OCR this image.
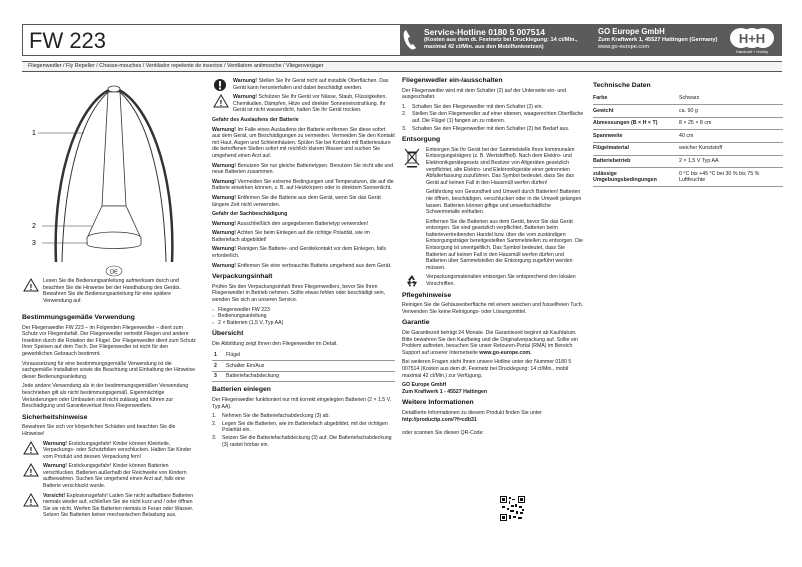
FW 223	Service-Hotline 0180 5 007514
(Kosten aus dem dt. Festnetz bei Drucklegung: 14 ct/Min.,
maximal 42 ct/Min. aus den Mobilfunknetzen)
GO Europe GmbH
Zum Kraftwerk 1, 45527 Hattingen (Germany)
www.go-europe.com
H+H
Haushalt + Hobby
Fliegenwedler / Fly Repeller / Chasse-mouches / Ventilador repelente de insectos / Ventilatore antimosche / Vliegenverjager
1
2
3
DE
!
Lesen Sie die Bedienungsanleitung aufmerksam durch und beachten Sie die Hinweise bei der Handhabung des Geräts. Bewahren Sie die Bedienungsanleitung für eine spätere Verwendung auf.
Bestimmungsgemäße Verwendung

Der Fliegenwedler FW 223 – im Folgenden Fliegenwedler – dient zum Schutz vor Fliegenbefall. Der Fliegenwedler vertreibt Fliegen und andere Insekten durch die Rotation der Flügel. Der Fliegenwedler dient zum Schutz Ihrer Speisen auf dem Tisch. Der Fliegenwedler ist nicht für den gewerblichen Gebrauch bestimmt.

Voraussetzung für eine bestimmungsgemäße Verwendung ist die sachgemäße Installation sowie die Beachtung und Einhaltung der Hinweise dieser Bedienungsanleitung.

Jede andere Verwendung als in der bestimmungsgemäßen Verwendung beschrieben gilt als nicht bestimmungsgemäß. Eigenmächtige Veränderungen oder Umbauten sind nicht zulässig und führen zur Beschädigung und Garantieverlust Ihres Fliegenwedlers.

Sicherheitshinweise

Bewahren Sie sich vor körperlichen Schäden und beachten Sie die Hinweise!

!
Warnung! Erstickungsgefahr! Kinder können Kleinteile, Verpackungs- oder Schutzfolien verschlucken. Halten Sie Kinder vom Produkt und dessen Verpackung fern!
!
Warnung! Erstickungsgefahr! Kinder können Batterien verschlucken. Batterien außerhalb der Reichweite von Kindern aufbewahren. Suchen Sie umgehend einen Arzt auf, falls eine Batterie verschluckt wurde.
!
Vorsicht! Explosionsgefahr! Laden Sie nicht aufladbare Batterien niemals wieder auf, schließen Sie sie nicht kurz und / oder öffnen Sie sie nicht. Werfen Sie Batterien niemals in Feuer oder Wasser. Setzen Sie Batterien keiner mechanischen Belastung aus.
Warnung! Stellen Sie Ihr Gerät nicht auf instabile Oberflächen. Das Gerät kann herunterfallen und dabei beschädigt werden.
!
Warnung! Schützen Sie Ihr Gerät vor Nässe, Staub, Flüssigkeiten, Chemikalien, Dämpfen, Hitze und direkter Sonneneinstrahlung. Ihr Gerät ist nicht wasserdicht, halten Sie Ihr Gerät trocken.

Gefahr des Auslaufens der Batterie

Warnung! Im Falle eines Auslaufens der Batterie entfernen Sie diese sofort aus dem Gerät, um Beschädigungen zu vermeiden. Vermeiden Sie den Kontakt mit Haut, Augen und Schleimhäuten. Spülen Sie bei Kontakt mit Batteriesäure die betroffenen Stellen sofort mit reichlich klarem Wasser und suchen Sie umgehend einen Arzt auf.

Warnung! Benutzen Sie nur gleiche Batterietypen. Benutzen Sie nicht alte und neue Batterien zusammen.

Warnung! Vermeiden Sie extreme Bedingungen und Temperaturen, die auf die Batterie einwirken können, z. B. auf Heizkörpern oder in direktem Sonnenlicht.

Warnung! Entfernen Sie die Batterie aus dem Gerät, wenn Sie das Gerät längere Zeit nicht verwenden.

Gefahr der Sachbeschädigung

Warnung! Ausschließlich den angegebenen Batterietyp verwenden!

Warnung! Achten Sie beim Einlegen auf die richtige Polarität, wie im Batteriefach abgebildet!

Warnung! Reinigen Sie Batterie- und Gerätekontakt vor dem Einlegen, falls erforderlich.

Warnung! Entfernen Sie eine verbrauchte Batterie umgehend aus dem Gerät.

Verpackungsinhalt

Prüfen Sie den Verpackungsinhalt Ihres Fliegenwedlers, bevor Sie Ihren Fliegenwedler in Betrieb nehmen. Sollte etwas fehlen oder beschädigt sein, wenden Sie sich an unseren Service.

○ Fliegenwedler FW 223
○ Bedienungsanleitung
○ 2 × Batterien (1,5 V, Typ AA)
Übersicht

Die Abbildung zeigt Ihnen den Fliegenwedler im Detail.

1	Flügel
2	Schalter Ein/Aus
3	Batteriefachabdeckung
Batterien einlegen

Der Fliegenwedler funktioniert nur mit korrekt eingelegten Batterien (2 × 1,5 V, Typ AA).

1. Nehmen Sie die Batteriefachabdeckung (3) ab.
2. Legen Sie die Batterien, wie im Batteriefach abgebildet, mit der richtigen Polarität ein.
3. Setzen Sie die Batteriefachabdeckung (3) auf. Die Batteriefachabdeckung (3) rastet hörbar ein.
Fliegenwedler ein-/ausschalten

Der Fliegenwedler wird mit dem Schalter (2) auf der Unterseite ein- und ausgeschaltet.

1. Schalten Sie den Fliegenwedler mit dem Schalter (2) ein.
2. Stellen Sie den Fliegenwedler auf einer ebenen, waagerechten Oberfläche auf. Die Flügel (1) fangen an zu rotieren.
3. Schalten Sie den Fliegenwedler mit dem Schalter (2) bei Bedarf aus.
Entsorgung

Entsorgen Sie Ihr Gerät bei der Sammelstelle Ihres kommunalen Entsorgungsträgers (z. B. Wertstoffhof). Nach dem Elektro- und Elektronikgerätegesetz sind Besitzer von Altgeräten gesetzlich verpflichtet, alte Elektro- und Elektronikgeräte einer getrennten Abfallerfassung zuzuführen. Das Symbol bedeutet, dass Sie das Gerät auf keinen Fall in den Hausmüll werfen dürfen!

Gefährdung von Gesundheit und Umwelt durch Batterien! Batterien nie öffnen, beschädigen, verschlucken oder in die Umwelt gelangen lassen. Batterien können giftige und umweltschädliche Schwermetalle enthalten.

Entfernen Sie die Batterien aus dem Gerät, bevor Sie das Gerät entsorgen. Sie sind gesetzlich verpflichtet, Batterien beim batterievertreibenden Handel bzw. über die vom zuständigen Entsorgungsträger bereitgestellten Sammelstellen zu entsorgen. Die Entsorgung ist unentgeltlich. Das Symbol bedeutet, dass Sie Batterien auf keinen Fall in den Hausmüll werfen dürfen und Batterien über Sammelstellen der Entsorgung zugeführt werden müssen.

Verpackungsmaterialien entsorgen Sie entsprechend den lokalen Vorschriften.
Pflegehinweise

Reinigen Sie die Gehäuseoberfläche mit einem weichen und fusselfreien Tuch. Verwenden Sie keine Reinigungs- oder Lösungsmittel.

Garantie

Die Garantiezeit beträgt 24 Monate. Die Garantiezeit beginnt ab Kaufdatum. Bitte bewahren Sie den Kaufbeleg und die Originalverpackung auf. Sollte ein Problem auftreten, besuchen Sie unser Retouren-Portal (RMA) im Bereich Support auf unserer Internetseite www.go-europe.com.

Bei weiteren Fragen steht Ihnen unsere Hotline unter der Nummer 0180 5 007514 (Kosten aus dem dt. Festnetz bei Drucklegung: 14 ct/Min., mobil maximal 42 ct/Min.) zur Verfügung.

GO Europe GmbH
Zum Kraftwerk 1 - 45527 Hattingen

Weitere Informationen

Detaillierte Informationen zu diesem Produkt finden Sie unter
http://productip.com/?f=cdb31

oder scannen Sie diesen QR-Code:

Technische Daten
Farbe	Schwarz
Gewicht	ca. 90 g
Abmessungen (B × H × T)	8 × 25 × 8 cm
Spannweite	40 cm
Flügelmaterial	weicher Kunststoff
Batteriebetrieb	2 × 1,5 V Typ AA
zulässige Umgebungsbedingungen	0 °C bis +45 °C bei 30 % bis 75 % Luftfeuchte
